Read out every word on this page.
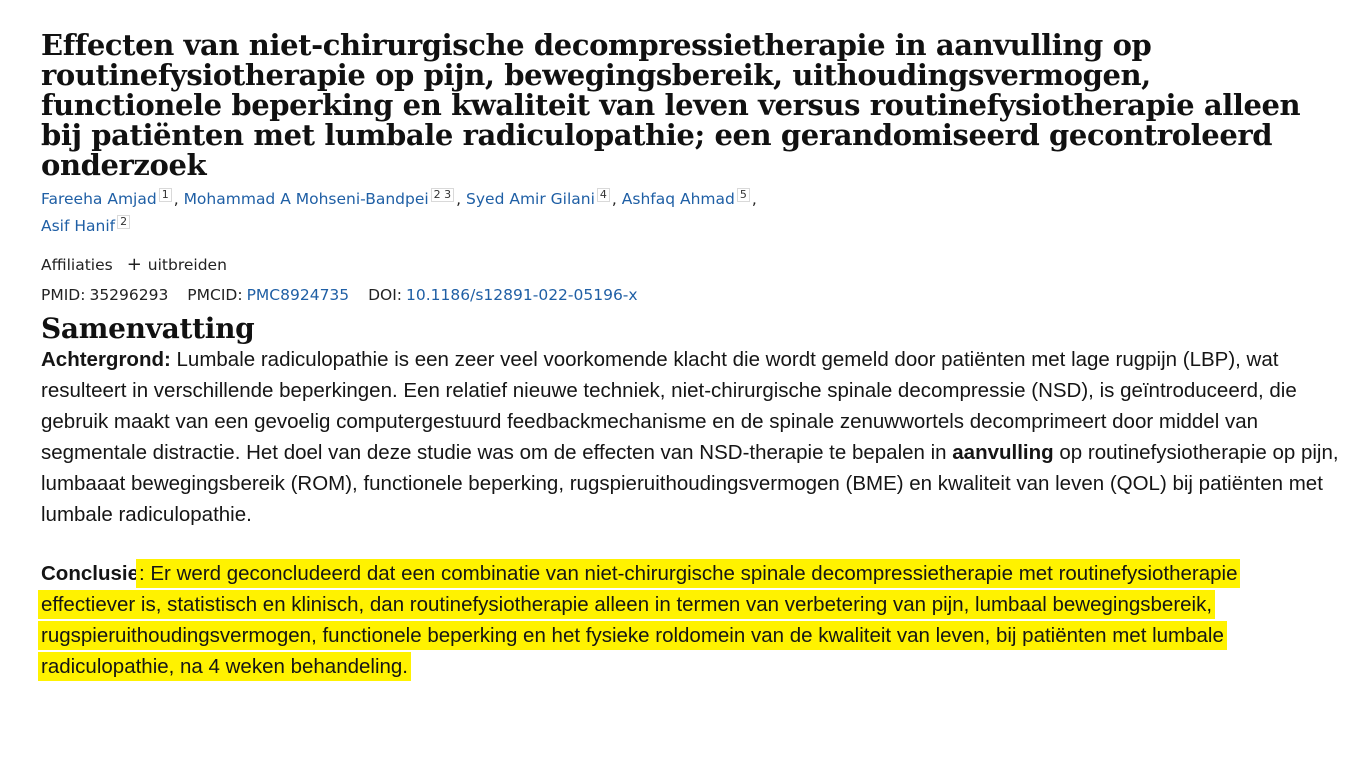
Effecten van niet-chirurgische decompressietherapie in aanvulling op routinefysiotherapie op pijn, bewegingsbereik, uithoudingsvermogen, functionele beperking en kwaliteit van leven versus routinefysiotherapie alleen bij patiënten met lumbale radiculopathie; een gerandomiseerd gecontroleerd onderzoek
Fareeha Amjad 1 , Mohammad A Mohseni-Bandpei 2 3 , Syed Amir Gilani 4 , Ashfaq Ahmad 5 ,
Asif Hanif 2
Affiliaties + uitbreiden
PMID: 35296293 PMCID: PMC8924735 DOI: 10.1186/s12891-022-05196-x
Samenvatting

Achtergrond: Lumbale radiculopathie is een zeer veel voorkomende klacht die wordt gemeld door patiënten met lage rugpijn (LBP), wat resulteert in verschillende beperkingen. Een relatief nieuwe techniek, niet-chirurgische spinale decompressie (NSD), is geïntroduceerd, die gebruik maakt van een gevoelig computergestuurd feedbackmechanisme en de spinale zenuwwortels decomprimeert door middel van segmentale distractie. Het doel van deze studie was om de effecten van NSD-therapie te bepalen in aanvulling op routinefysiotherapie op pijn, lumbaaat bewegingsbereik (ROM), functionele beperking, rugspieruithoudingsvermogen (BME) en kwaliteit van leven (QOL) bij patiënten met lumbale radiculopathie.

Conclusie: Er werd geconcludeerd dat een combinatie van niet-chirurgische spinale decompressietherapie met routinefysiotherapie effectiever is, statistisch en klinisch, dan routinefysiotherapie alleen in termen van verbetering van pijn, lumbaal bewegingsbereik, rugspieruithoudingsvermogen, functionele beperking en het fysieke roldomein van de kwaliteit van leven, bij patiënten met lumbale radiculopathie, na 4 weken behandeling.
